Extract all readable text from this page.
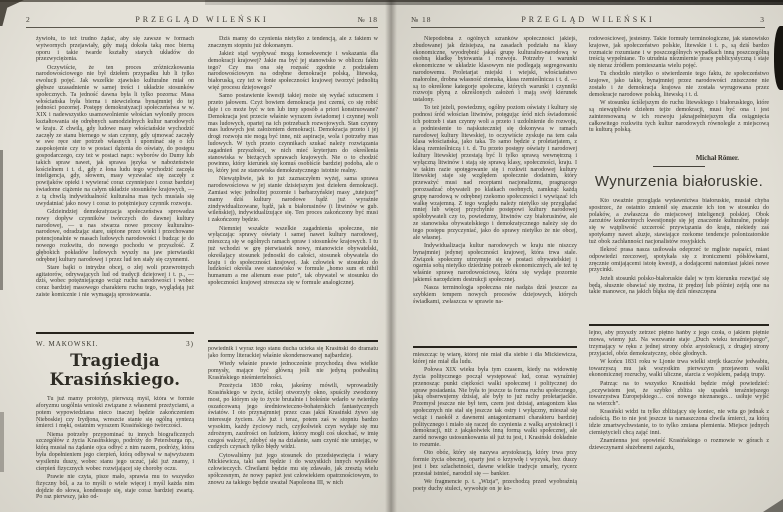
2	PRZEGLĄD WILEŃSKI	№ 18

żywiołu, to też trudno żądać, aby się zawsze w formach wytwornych przejawiały, gdy mają dokoła taką moc bierną oporu i takie twarde kształty starych układów do przezwyciężenia.

Oczywiście, że ten proces zróżniczkowania narodowościowego nie był dziełem przypadku lub li tylko ewolucji pojęć. Jak wszelkie zjawisko kulturalne miał on głębsze uzasadnienie w samej treści i układzie stosunków społecznych. Ta jedność dawna była li tylko pozorna: Masa włościańska była bierna i niewcielona bynajmniej do tej jedności pozornej. Postępy demokratyzacji społeczeństwa w w. XIX i nadewszystko usamowolnienie włościan wyłoniły proces kształtowania się odrębnych samodzielnych kultur narodowych w kraju. Z chwilą, gdy ludowe masy włościańskie wychodzić zaczęły ze stanu biernego w stan czynny, gdy ujmować zaczęły w swe ręce ster potrzeb własnych i upominać się o ich zaspokojenie czy to w postaci dążenia do oświaty, do postępu gospodarczego, czy też w postaci napr.: wyborów do Dumy lub takich spraw nawet, jak sprawa języka w nabożeństwie kościelnem i t. d., gdy z łona ludu tego wychodzić zaczęła inteligencja, gdy, słowem, masy wyzwalać się zaczęły z powijaków opieki i wywierać coraz czynniejsze i coraz bardziej świadome ciążenie na całym układzie stosunków krajowych, — z tą chwilą indywidualność kulturalna mas tych musiała się uwydatniać jako nowy i coraz to potężniejszy czynnik rozwoju.

Gdzieindziej demokratyzacja społeczeństwa sprowadza nowy dopływ czynników twórczych do dawnej kultury narodowej, — u nas stwarza nowe procesy kulturalno-narodowe, odradzając stare, uśpione przez wieki i przechowane potencjonalnie w masach ludowych narodowości i budząc je do nowego rozkwitu, do nowego pochodu w przyszłość. Z głębokich pokładów ludowych wyszły na jaw pierwiastki odrębnej kultury narodowej i przez lud ten stały się czynnemi.

Stare bajki o intrydze obcej, o złej woli przewrotnych agitatorów, odrywających lud od tradycji dziejowej i t. p., — dziś, wobec potężniejącego wciąż ruchu narodowości i wobec coraz bardziej masowego charakteru ruchu tego, wyglądają już zaiste komicznie i nie wymagają sprostowania.

W. MAKOWSKI.	3)
Tragiedja Krasińskiego.

Tu już mamy prototyp, pierwszą myśl, która w formie aforyzmu uogólnia wnioski związane z własnemi przeżyciami, a potem wypowiedziana nieco inaczej będzie zakończeniem Nieboskiej czy Irydjona, wreszcie stanie się ogólną syntezą śmierci i męki, ostatnim wyrazem Krasińskiego twórczości.

Niema potrzeby przypominać tu innych biograficznych szczegółów z życia Krasińskiego, podróży do Petersburga np., którą musiał na żądanie ojca odbyć z nim razem, podróży, która była dopełnieniem jego cierpień, którą odbywał w najwyższem wysileniu duszy, wobec stanu jego uczuć, jaki już znamy, i cierpień fizycznych wobec rozwijającej się choroby oczu.

Prawie nie czyta, pisze mało, sprawia mu to wszystko fizyczny ból, a za to myśli o wiele więcej i myśl każda nim dojdzie do słowa, kondensuje się, staje coraz bardziej zwartą. Po raz pierwszy, jako od-

Dziś mamy do czynienia nietylko z tendencją, ale z faktem w znacznym stopniu już dokonanym.

Jakież stąd wypływać mogą konsekwencje i wskazania dla demokracji krajowej? Jakie ma być jej stanowisko w obliczu faktu tego? Czy ma ona się rozpaść zgodnie z podziałem narodowościowym na odrębne demokracje polską, litewską, białoruską, czy też w łonie społeczności krajowej tworzyć jednolitą więź procesu dziejowego?

Samo postawienie kwestji takiej może się wydać sztucznem i przeto jałowem. Czyż bowiem demokracja jest czemś, co się robić daje i co może być w ten lub inny sposób a priori konstruowane? Demokracja jest przecie właśnie wyrazem świadomej i czynnej woli mas ludowych, opartej na ich potrzebach rozwojowych. Stan czynny mas ludowych jest założeniem demokracji. Demokracja przeto i jej drogi rozwoju nie mogą być inne, niż aspiracje, wola i potrzeby mas ludowych. W tych przeto czynnikach szukać należy rozwiązania zagadnień przyszłości, w nich mieć kryterjum do określenia stanowiska w bieżących sprawach krajowych. Nie o to chodzić powinno, który kierunek się komuś osobiście bardziej podoba, ale o to, który jest ze stanowiska demokratycznego istotnie realny.

Niewątpliwie, jak to już zaznaczyłem wyżej, sama sprawa narodowościowa w jej stanie dzisiejszym jest dziełem demokracji. Zamiast więc jednolitej pozornie i barbarzyńskiej masy „tutejszej” mamy dziś kultury narodowe bądź już wyraźnie zindywidualizowane, bądź, jak u białorusinów (i litwinów w gub. wileńskiej), indywidualizujące się. Ten proces zakończony być musi i zakończony będzie.

Niemniej wszakże wszelkie zagadnienia społeczne, nie wyłączając sprawy oświaty i samej nawet kultury narodowej, mieszczą się w ogólnych ramach spraw i stosunków krajowych. I tu już wchodzi w grę pierwiastek nowy, mianowicie obywatelski, określający stosunek jednostki do całości, stosunek obywatela do kraju i do społeczności krajowej. Jak człowiek w stosunku do ludzkości określa swe stanowisko w formule „homo sum et nihil humanum a me alienum esse puto”, tak obywatel w stosunku do społeczności krajowej streszcza się w formule analogicznej.

powiednik i wyraz tego stanu ducha ucieka się Krasiński do dramatu jako formy literackiej właśnie skondensowanej najbardziej.

Wtedy właśnie prawie jednocześnie przychodzą dwa wielkie pomysły, mające być główną jeśli nie jedyną podwaliną Krasińskiego nieśmiertelności.

Przeżycia 1830 roku, jakeśmy mówili, wprowadziły Krasińskiego w życie, ściślej otworzyły okno, spuściły zwodzony most, po którym się to życie brutalnie i boleśnie wdarło w twierdzę oszańcowaną jego średniowieczno-bohaterskich fantastycznych światów. I oto przynajmniej przez czas jakiś Krasiński żywo się interesuje życiem. Ale już i teraz, potem zaś w stopniu bardzo wysokim, każdy życiowy ruch, czyjkolwiek czyn wydaje się mu zdrożnym, zazdrości on ludziom, którzy mogli coś ukochać, w imię czegoś walczyć, zdobyć się na działanie, sam czynić nie umiejąc, w cudzych czynach tylko błędy widzi.

Cytowaliśmy już jego stosunek do przedsięwzięcia i wiary Mickiewicza, taki sam będzie i do wszystkich innych wysiłków człowieczych. Chwilami będzie mu się zdawało, jak zresztą wielu spółczesnym, że nowy papież jest człowiekiem opatrznościowym, to znowu za takiego będzie uważał Napoleona III, w nich

№ 18	PRZEGLĄD WILEŃSKI	3

Niepodobna z ogólnych szranków społeczności jakiejś, zbudowanej jak dzisiejsza, na zasadach podziału na klasy ekonomiczne, wyodrębnić jakąś grupę kulturalno-narodową w osobną kładkę bytowania i rozwoju. Potrzeby i warunki ekonomiczne w układzie klasowym nie podlegają segregowaniu narodowemu. Proletarjat miejski i wiejski, włościaństwo małorolne, drobna własność ziemska, klasa rzemieślnicza i t. d. — są to określone kategorje społeczne, których warunki i czynniki rozwoju płyną z określonych założeń i mają swój kierunek ustalony.

To też jeżeli, powiedzmy, ogólny poziom oświaty i kultury się podnosi śród włościan litwinów, potęgując śród nich świadomość ich potrzeb i stan czynny woli a przeto i uzdolnienie do rozwoju, a podniesienie to najskuteczniej się dokonywa w ramach narodowej kultury litewskiej, to oczywiście zyskuje na tem cała klasa włościańska, jako taka. To samo będzie z proletarjatem, z klasą rzemieślniczą i t. d. Tu przeto postępy oświaty i narodowej kultury litewskiej przestają być li tylko sprawą wewnętrzną i wyłączną litwinów i stają się sprawą klasy, społeczności, kraju. I w takim razie spotęgowanie się i rozkwit narodowej kultury litewskiej staje się względem społecznie dodatnim, który przeważyć musi nad receptami nacjonalizmu, pragnącego porozsadzać obywateli po klatkach osobnych, zamknąć każdą grupę narodową w odrębnej rzekomo społeczności i wywiązać ich walkę wzajemną. Z tego względu należy nietylko się przyglądać mniej lub więcej przychylnie postępowi kultury narodowej spółobywateli czy to, powiedzmy, litwinów czy białorusinów, ale ze stanowiska obywatelskiego i demokratycznego należy się do tego postępu przyczyniać, jako do sprawy nietylko że nie obcej, ale własnej.

Indywidualizacja kultur narodowych w kraju nie niszczy bynajmniej jedynej społeczności krajowej, która trwa stale. Związek społeczny utrzymuje się w postaci obywatelskiej i ogarnia sobą nietylko dziedzinę potrzeb ekonomicznych, ale też tę właśnie sprawę narodowościową, która się wydaje pozornie jakiemś narzędziem destrukcji społecznej.

Nasza terminologja społeczna nie nadąża dziś jeszcze za szybkiem tempem nowych procesów dziejowych, których świadkami, zwłaszcza w sprawie na-

mieszcząc tę wiarę, której nie miał dla siebie i dla Mickiewicza, której nie miał dla ludu.

Połowa XIX wieku była tym czasem, kiedy na widownię życia politycznego począł występować lud, coraz wyraźniej przenosząc punkt ciężkości walki społecznej i politycznej do spraw posiadania. Nie była to jeszcze ta forma ruchu społecznego, jaką obserwujemy dzisiaj, ale były to już ruchy proletarjackie. Przemysł jeszcze nie był tem, czem jest dzisiaj, antagonizm klas społecznych nie stał się jeszcze tak ostry i wyłączny, mieszał się wciąż i naokół z dawnemi antagonizmami charakteru bardziej politycznego i miało się raczej do czynienia z walką arystokracji i demokracji, niż z jakąkolwiek inną formą walki społecznej, ale zaród nowego ustosunkowania sił już tu jest, i Krasiński dokładnie to rozumie.

Oto obóz, który się nazywa arystokracją, który trwa przy formie życia obecnej, oparty jest o krzywdę i wyzysk, bez duszy jest i bez szlachetności, dawne wielkie tradycje umarły, rycerz przestał istnieć, narodził się — bankier.

We fragmencie p. t. „Wizja”, przechodzą przed wyobraźnią poety duchy stuleci, wywołuje on je ko-

rodowościowej, jesteśmy. Takie formuły terminologiczne, jak stanowisko krajowe, jak społeczeństwo polskie, litewskie i t. p., są dziś bardzo rozmaicie rozumiane i w poszczególnych wypadkach inną poszczególną treścią wypełniane. To utrudnia niezmiernie pracę publicystyczną i staje się nieraz źródłem pomieszania wielu pojęć.

Tu chodziło nietylko o stwierdzenie tego faktu, że społeczeństwo krajowe, jako takie, bynajmniej przez narodowości zniszczone nie zostało i że demokracja krajowa nie została wyrugowana przez demokracje narodowe polską, litewską i t. d.

W stosunku ściślejszym do ruchu litewskiego i białoruskiego, które są niewątpliwie dziełem tejże demokracji, musi być ona i jest zainteresowaną w ich rozwoju jaknajpełniejszym dla osiągnięcia całkowitego rozkwitu tych kultur narodowych równolegle z miejscową tu kulturą polską.

Michał Römer.
Wynurzenia białoruskie.

Kto uważnie przegląda wydawnictwa białoruskie, musiał chyba spostrzec, że ostatnio zmienił się znacznie ich ton w stosunku do polaków, a zwłaszcza do miejscowej inteligencji polskiej. Obok zarzutów konkretnych kwestjonuje się jej znaczenie kulturalne, podaje się w wątpliwość szczerość przywiązania do kraju, niekiedy zaś spotykamy nawet aluzje, stawiające rzekome tendencje polonizatorskie tuż obok zachłanności nacjonalistów rosyjskich.

Ilekroć prasa nasza usiłowała odeprzeć te mgliste napaści, miast odpowiedzi rzeczowej, spotykała się z ironicznemi półsłówkami, zręcznie omijającemi istotę kwestji, a dodającemi natomiast jakieś nowe przycinki.

Jeżeli stosunki polsko-białoruskie dalej w tym kierunku rozwijać się będą, słusznie obawiać się można, iż prędzej lub później zejdą one na takie manowce, na jakich błąka się dziś nieszczęsna

lejno, aby przyszły zetrzeć piętno hańby z jego czoła, o jakiem piętnie mowa, wiemy już. Na wezwanie staje „Duch wieku teraźniejszego”, trzymający w ręku z jednej strony obóz arystokracji, z drugiej strony przyjaciel, obóz demokratyczny, obóz głodnych.

W końcu 1831 roku w Ljonie trwa wielki strejk tkaczów jedwabiu, towarzyszą mu jak wszystkim pierwszym przejawom walki ekonomicznej rozruchy, walki uliczne, starcia z wojskiem, padają trupy.

Patrząc na to wszystko Krasiński będzie mógł powiedzieć: „oczywistem jest, że szybko zbliża się upadek teraźniejszego towarzystwa Europejskiego… coś nowego nieznanego… usiłuje wyjść na wierzch”.

Krasiński widzi tu tylko zbliżający się koniec, nie wita go jednak z radością. Bo to nie jest jeszcze ta namaszczona chwila śmierci, za którą idzie zmartwychwstanie, to to tylko zmiana plemienia. Miejsce jednych ciemiężycieli chcą zająć inni.

Znamienna jest opowieść Krasińskiego o rozmowie w górach z dziewczynami służebnemi zajazdu,
